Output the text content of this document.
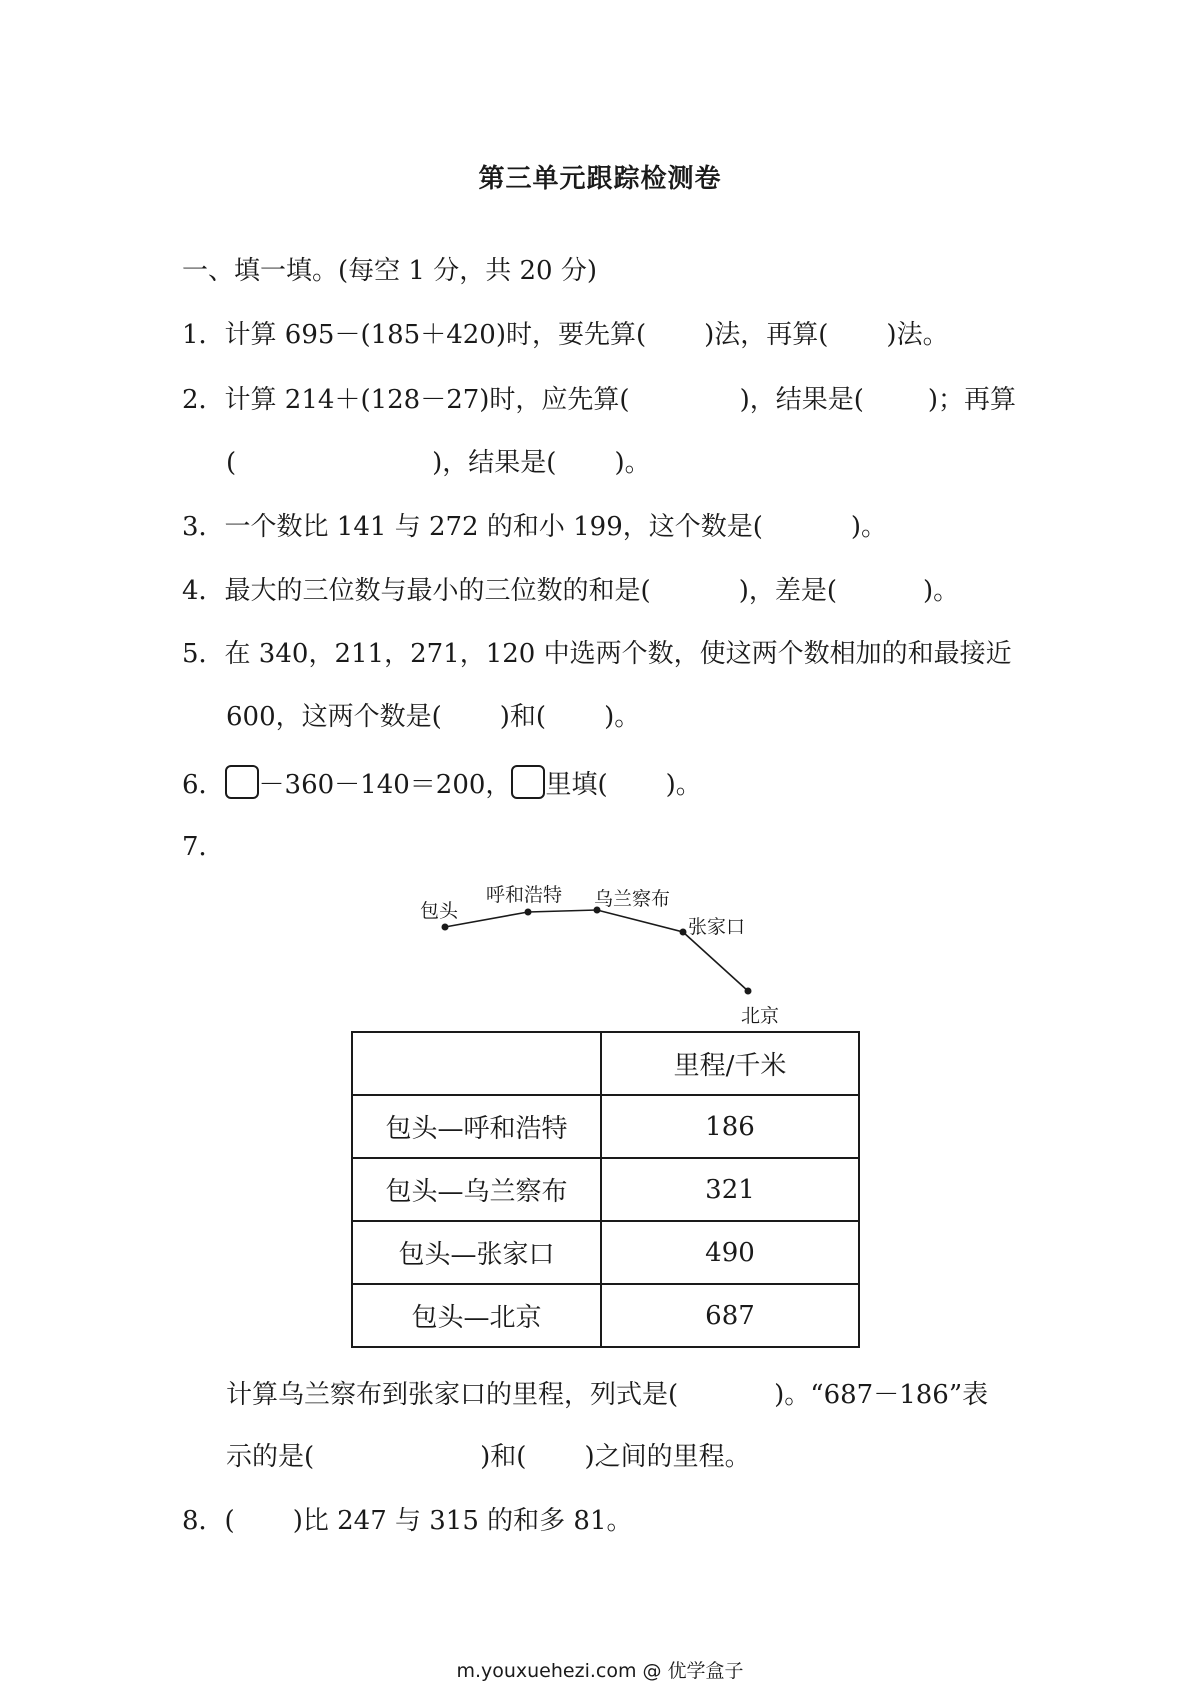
第三单元跟踪检测卷
一、填一填。(每空 1 分，共 20 分)
1．计算 695－(185＋420)时，要先算( )法，再算( )法。
2．计算 214＋(128－27)时，应先算(	)，结果是( )；再算
(	)，结果是( )。
3．一个数比 141 与 272 的和小 199，这个数是(	)。
4．最大的三位数与最小的三位数的和是(	)，差是(	)。
5．在 340，211，271，120 中选两个数，使这两个数相加的和最接近
600，这两个数是( )和( )。
6． －360－140＝200， 里填( )。
7．
包头
呼和浩特 乌兰察布
张家口
北京
	里程/千米
包头—呼和浩特	186
包头—乌兰察布	321
包头—张家口	490
包头—北京	687
计算乌兰察布到张家口的里程，列式是(	)。“687－186”表
示的是(	)和( )之间的里程。
8．( )比 247 与 315 的和多 81。
m.youxuehezi.com @ 优学盒子
